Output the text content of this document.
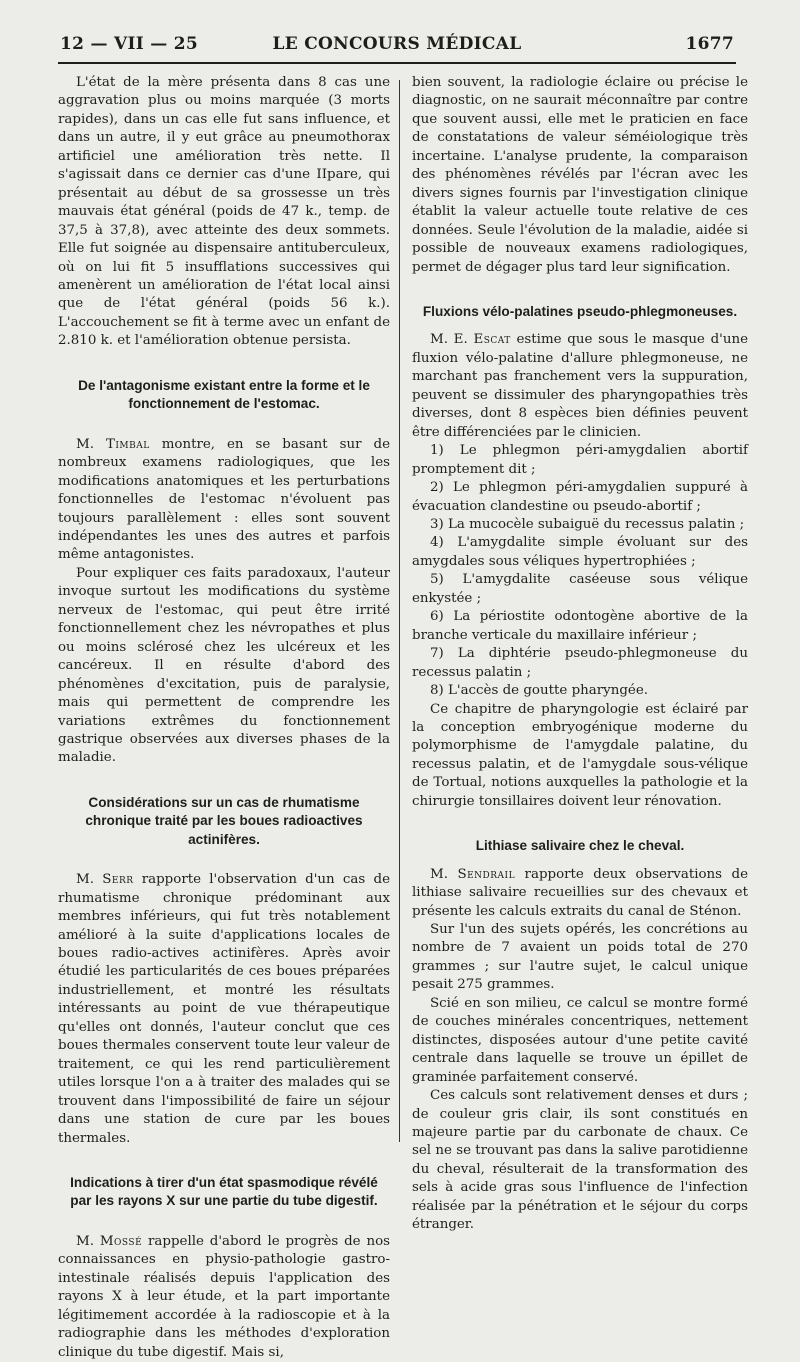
12 — VII — 25	LE CONCOURS MÉDICAL	1677

L'état de la mère présenta dans 8 cas une aggravation plus ou moins marquée (3 morts rapides), dans un cas elle fut sans influence, et dans un autre, il y eut grâce au pneumothorax artificiel une amélioration très nette. Il s'agissait dans ce dernier cas d'une IIpare, qui présentait au début de sa grossesse un très mauvais état général (poids de 47 k., temp. de 37,5 à 37,8), avec atteinte des deux sommets. Elle fut soignée au dispensaire antituberculeux, où on lui fit 5 insufflations successives qui amenèrent un amélioration de l'état local ainsi que de l'état général (poids 56 k.). L'accouchement se fit à terme avec un enfant de 2.810 k. et l'amélioration obtenue persista.

De l'antagonisme existant entre la forme et le fonctionnement de l'estomac.

M. Timbal montre, en se basant sur de nombreux examens radiologiques, que les modifications anatomiques et les perturbations fonctionnelles de l'estomac n'évoluent pas toujours parallèlement : elles sont souvent indépendantes les unes des autres et parfois même antagonistes.

Pour expliquer ces faits paradoxaux, l'auteur invoque surtout les modifications du système nerveux de l'estomac, qui peut être irrité fonctionnellement chez les névropathes et plus ou moins sclérosé chez les ulcéreux et les cancéreux. Il en résulte d'abord des phénomènes d'excitation, puis de paralysie, mais qui permettent de comprendre les variations extrêmes du fonctionnement gastrique observées aux diverses phases de la maladie.

Considérations sur un cas de rhumatisme chronique traité par les boues radioactives actinifères.

M. Serr rapporte l'observation d'un cas de rhumatisme chronique prédominant aux membres inférieurs, qui fut très notablement amélioré à la suite d'applications locales de boues radio-actives actinifères. Après avoir étudié les particularités de ces boues préparées industriellement, et montré les résultats intéressants au point de vue thérapeutique qu'elles ont donnés, l'auteur conclut que ces boues thermales conservent toute leur valeur de traitement, ce qui les rend particulièrement utiles lorsque l'on a à traiter des malades qui se trouvent dans l'impossibilité de faire un séjour dans une station de cure par les boues thermales.

Indications à tirer d'un état spasmodique révélé par les rayons X sur une partie du tube digestif.

M. Mossé rappelle d'abord le progrès de nos connaissances en physio-pathologie gastro-intestinale réalisés depuis l'application des rayons X à leur étude, et la part importante légitimement accordée à la radioscopie et à la radiographie dans les méthodes d'exploration clinique du tube digestif. Mais si,

bien souvent, la radiologie éclaire ou précise le diagnostic, on ne saurait méconnaître par contre que souvent aussi, elle met le praticien en face de constatations de valeur séméiologique très incertaine. L'analyse prudente, la comparaison des phénomènes révélés par l'écran avec les divers signes fournis par l'investigation clinique établit la valeur actuelle toute relative de ces données. Seule l'évolution de la maladie, aidée si possible de nouveaux examens radiologiques, permet de dégager plus tard leur signification.

Fluxions vélo-palatines pseudo-phlegmoneuses.

M. E. Escat estime que sous le masque d'une fluxion vélo-palatine d'allure phlegmoneuse, ne marchant pas franchement vers la suppuration, peuvent se dissimuler des pharyngopathies très diverses, dont 8 espèces bien définies peuvent être différenciées par le clinicien.

1) Le phlegmon péri-amygdalien abortif promptement dit ;
2) Le phlegmon péri-amygdalien suppuré à évacuation clandestine ou pseudo-abortif ;
3) La mucocèle subaiguë du recessus palatin ;
4) L'amygdalite simple évoluant sur des amygdales sous véliques hypertrophiées ;
5) L'amygdalite caséeuse sous vélique enkystée ;
6) La périostite odontogène abortive de la branche verticale du maxillaire inférieur ;
7) La diphtérie pseudo-phlegmoneuse du recessus palatin ;
8) L'accès de goutte pharyngée.

Ce chapitre de pharyngologie est éclairé par la conception embryogénique moderne du polymorphisme de l'amygdale palatine, du recessus palatin, et de l'amygdale sous-vélique de Tortual, notions auxquelles la pathologie et la chirurgie tonsillaires doivent leur rénovation.

Lithiase salivaire chez le cheval.

M. Sendrail rapporte deux observations de lithiase salivaire recueillies sur des chevaux et présente les calculs extraits du canal de Sténon.

Sur l'un des sujets opérés, les concrétions au nombre de 7 avaient un poids total de 270 grammes ; sur l'autre sujet, le calcul unique pesait 275 grammes.

Scié en son milieu, ce calcul se montre formé de couches minérales concentriques, nettement distinctes, disposées autour d'une petite cavité centrale dans laquelle se trouve un épillet de graminée parfaitement conservé.

Ces calculs sont relativement denses et durs ; de couleur gris clair, ils sont constitués en majeure partie par du carbonate de chaux. Ce sel ne se trouvant pas dans la salive parotidienne du cheval, résulterait de la transformation des sels à acide gras sous l'influence de l'infection réalisée par la pénétration et le séjour du corps étranger.
